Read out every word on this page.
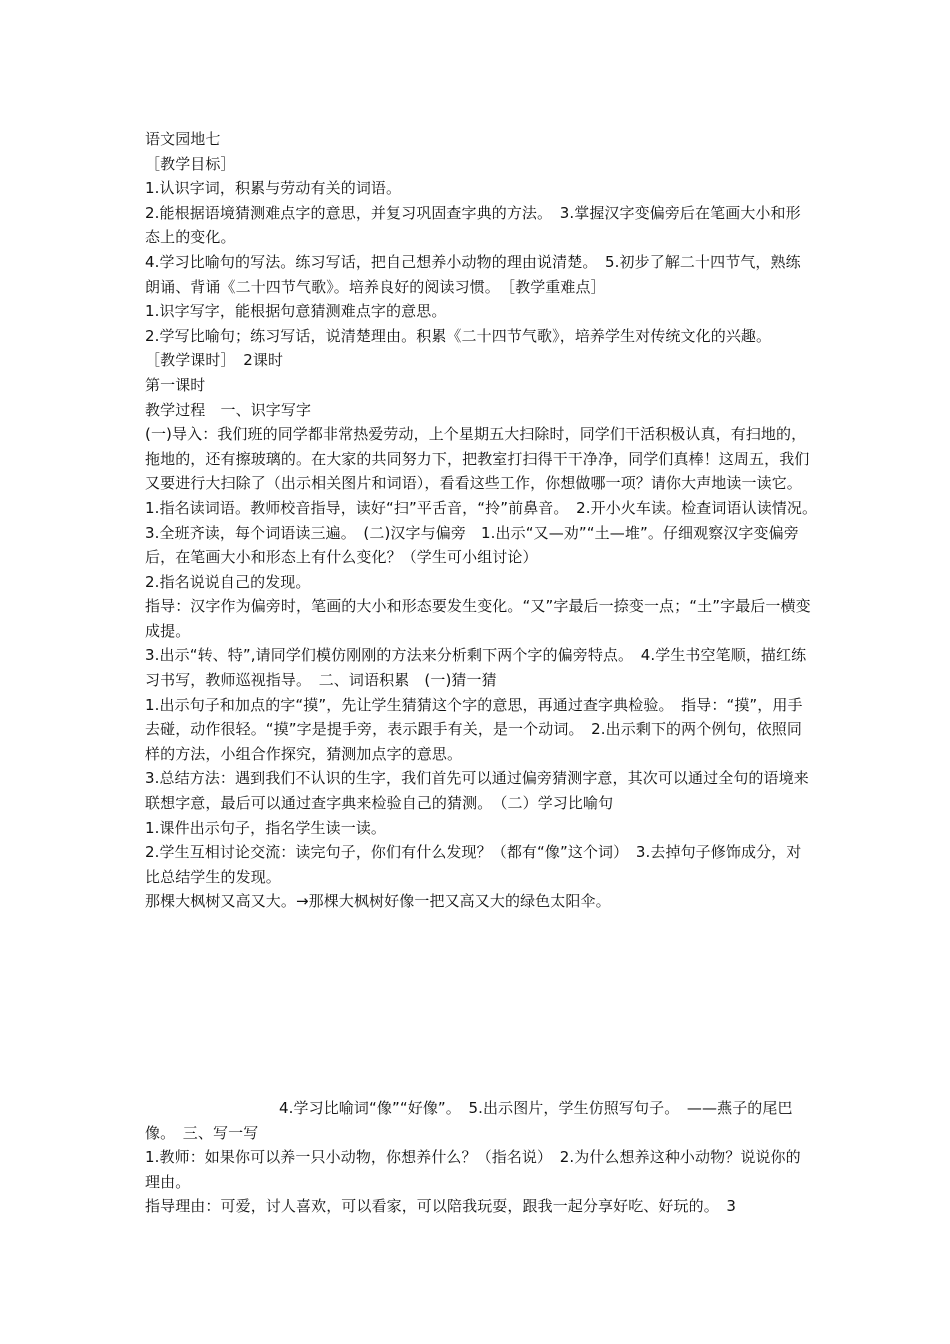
语文园地七

［教学目标］

1.认识字词，积累与劳动有关的词语。

2.能根据语境猜测难点字的意思，并复习巩固查字典的方法。　3.掌握汉字变偏旁后在笔画大小和形态上的变化。

4.学习比喻句的写法。练习写话，把自己想养小动物的理由说清楚。　5.初步了解二十四节气，熟练朗诵、背诵《二十四节气歌》。培养良好的阅读习惯。　［教学重难点］

1.识字写字，能根据句意猜测难点字的意思。

2.学写比喻句；练习写话，说清楚理由。积累《二十四节气歌》，培养学生对传统文化的兴趣。

［教学课时］　2课时

第一课时

教学过程　一、识字写字

(一)导入：我们班的同学都非常热爱劳动，上个星期五大扫除时，同学们干活积极认真，有扫地的，拖地的，还有擦玻璃的。在大家的共同努力下，把教室打扫得干干净净，同学们真棒！这周五，我们又要进行大扫除了（出示相关图片和词语），看看这些工作，你想做哪一项？请你大声地读一读它。

1.指名读词语。教师校音指导，读好“扫”平舌音，“拎”前鼻音。　2.开小火车读。检查词语认读情况。　3.全班齐读，每个词语读三遍。　(二)汉字与偏旁　1.出示“又—劝”“土—堆”。仔细观察汉字变偏旁后，在笔画大小和形态上有什么变化？（学生可小组讨论）

2.指名说说自己的发现。

指导：汉字作为偏旁时，笔画的大小和形态要发生变化。“又”字最后一捺变一点；“土”字最后一横变成提。

3.出示“转、特”,请同学们模仿刚刚的方法来分析剩下两个字的偏旁特点。　4.学生书空笔顺，描红练习书写，教师巡视指导。　二、词语积累　(一)猜一猜

1.出示句子和加点的字“摸”，先让学生猜猜这个字的意思，再通过查字典检验。　指导：“摸”，用手去碰，动作很轻。“摸”字是提手旁，表示跟手有关，是一个动词。　2.出示剩下的两个例句，依照同样的方法，小组合作探究，猜测加点字的意思。

3.总结方法：遇到我们不认识的生字，我们首先可以通过偏旁猜测字意，其次可以通过全句的语境来联想字意，最后可以通过查字典来检验自己的猜测。　（二）学习比喻句

1.课件出示句子，指名学生读一读。

2.学生互相讨论交流：读完句子，你们有什么发现？（都有“像”这个词）　3.去掉句子修饰成分，对比总结学生的发现。

那棵大枫树又高又大。→那棵大枫树好像一把又高又大的绿色太阳伞。

4.学习比喻词“像”“好像”。　5.出示图片，学生仿照写句子。　——燕子的尾巴像。　三、写一写

1.教师：如果你可以养一只小动物，你想养什么？（指名说）　2.为什么想养这种小动物？说说你的理由。

指导理由：可爱，讨人喜欢，可以看家，可以陪我玩耍，跟我一起分享好吃、好玩的。　3
